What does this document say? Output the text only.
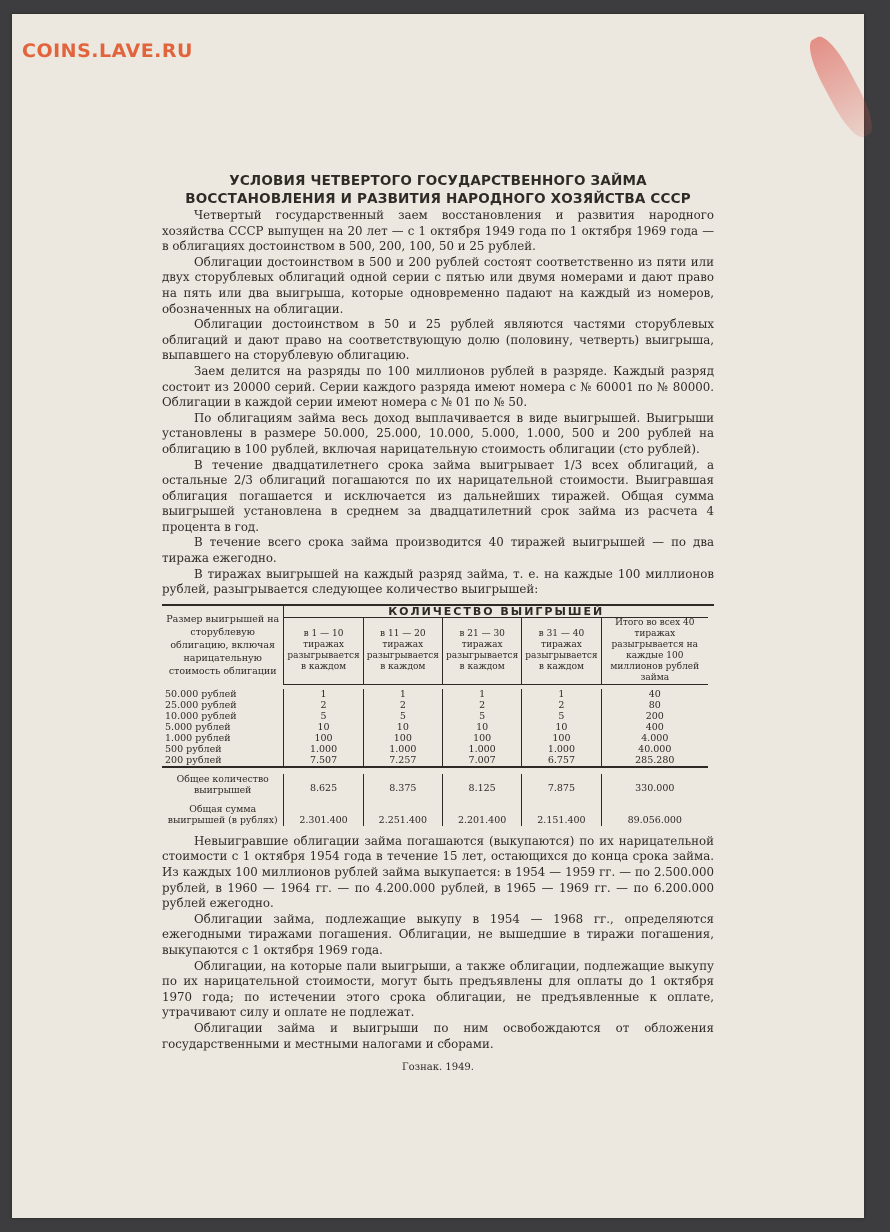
COINS.LAVE.RU
УСЛОВИЯ ЧЕТВЕРТОГО ГОСУДАРСТВЕННОГО ЗАЙМА
ВОССТАНОВЛЕНИЯ И РАЗВИТИЯ НАРОДНОГО ХОЗЯЙСТВА СССР

Четвертый государственный заем восстановления и развития народного хозяйства СССР выпущен на 20 лет — с 1 октября 1949 года по 1 октября 1969 года — в облигациях достоинством в 500, 200, 100, 50 и 25 рублей.

Облигации достоинством в 500 и 200 рублей состоят соответственно из пяти или двух сторублевых облигаций одной серии с пятью или двумя номерами и дают право на пять или два выигрыша, которые одновременно падают на каждый из номеров, обозначенных на облигации.

Облигации достоинством в 50 и 25 рублей являются частями сторублевых облигаций и дают право на соответствующую долю (половину, четверть) выигрыша, выпавшего на сторублевую облигацию.

Заем делится на разряды по 100 миллионов рублей в разряде. Каждый разряд состоит из 20000 серий. Серии каждого разряда имеют номера с № 60001 по № 80000. Облигации в каждой серии имеют номера с № 01 по № 50.

По облигациям займа весь доход выплачивается в виде выигрышей. Выигрыши установлены в размере 50.000, 25.000, 10.000, 5.000, 1.000, 500 и 200 рублей на облигацию в 100 рублей, включая нарицательную стоимость облигации (сто рублей).

В течение двадцатилетнего срока займа выигрывает 1/3 всех облигаций, а остальные 2/3 облигаций погашаются по их нарицательной стоимости. Выигравшая облигация погашается и исключается из дальнейших тиражей. Общая сумма выигрышей установлена в среднем за двадцатилетний срок займа из расчета 4 процента в год.

В течение всего срока займа производится 40 тиражей выигрышей — по два тиража ежегодно.

В тиражах выигрышей на каждый разряд займа, т. е. на каждые 100 миллионов рублей, разыгрывается следующее количество выигрышей:

Размер выигрышей на сторублевую облигацию, включая нарицательную стоимость облигации	КОЛИЧЕСТВО ВЫИГРЫШЕЙ					
	в 1 — 10 тиражах разыгрывается в каждом	в 11 — 20 тиражах разыгрывается в каждом	в 21 — 30 тиражах разыгрывается в каждом	в 31 — 40 тиражах разыгрывается в каждом	Итого во всех 40 тиражах разыгрывается на каждые 100 миллионов рублей займа	

50.000 рублей	1	1	1	1	40	
25.000 рублей	2	2	2	2	80	
10.000 рублей	5	5	5	5	200	
5.000 рублей	10	10	10	10	400	
1.000 рублей	100	100	100	100	4.000	
500 рублей	1.000	1.000	1.000	1.000	40.000	
200 рублей	7.507	7.257	7.007	6.757	285.280	

Общее количество выигрышей	8.625	8.375	8.125	7.875	330.000	
Общая сумма выигрышей (в рублях)	2.301.400	2.251.400	2.201.400	2.151.400	89.056.000	

Невыигравшие облигации займа погашаются (выкупаются) по их нарицательной стоимости с 1 октября 1954 года в течение 15 лет, остающихся до конца срока займа. Из каждых 100 миллионов рублей займа выкупается: в 1954 — 1959 гг. — по 2.500.000 рублей, в 1960 — 1964 гг. — по 4.200.000 рублей, в 1965 — 1969 гг. — по 6.200.000 рублей ежегодно.

Облигации займа, подлежащие выкупу в 1954 — 1968 гг., определяются ежегодными тиражами погашения. Облигации, не вышедшие в тиражи погашения, выкупаются с 1 октября 1969 года.

Облигации, на которые пали выигрыши, а также облигации, подлежащие выкупу по их нарицательной стоимости, могут быть предъявлены для оплаты до 1 октября 1970 года; по истечении этого срока облигации, не предъявленные к оплате, утрачивают силу и оплате не подлежат.

Облигации займа и выигрыши по ним освобождаются от обложения государственными и местными налогами и сборами.

Гознак. 1949.
